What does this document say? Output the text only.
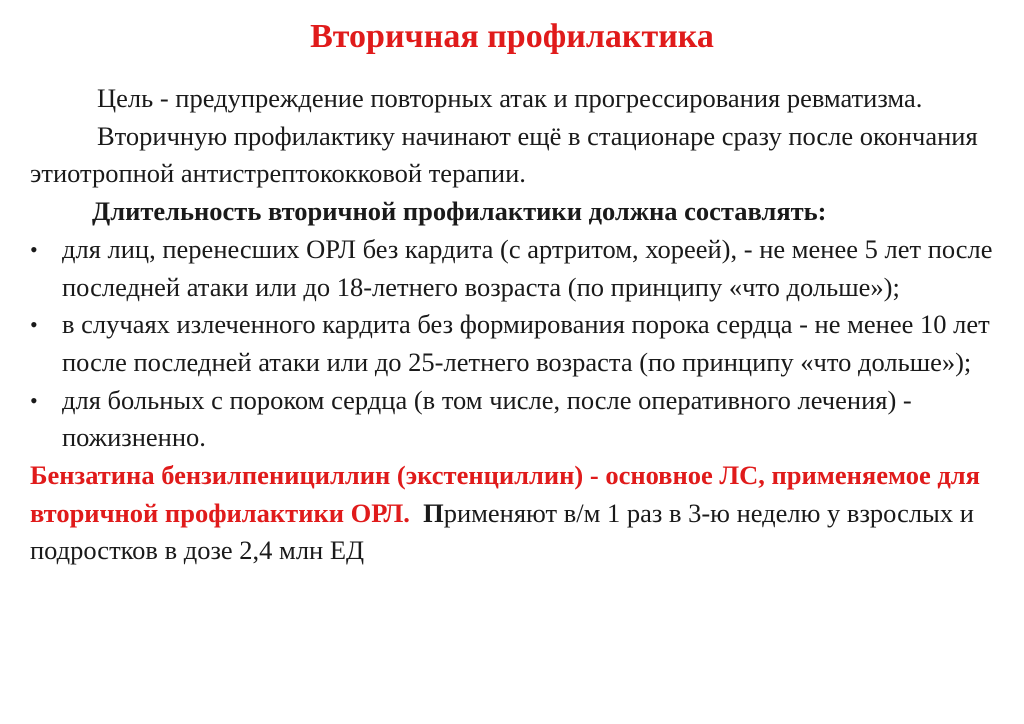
Вторичная профилактика

Цель - предупреждение повторных атак и прогрессирования ревматизма.

Вторичную профилактику начинают ещё в стационаре сразу после окончания этиотропной антистрептококковой терапии.

Длительность вторичной профилактики должна составлять:

• для лиц, перенесших ОРЛ без кардита (с артритом, хореей), - не менее 5 лет после последней атаки или до 18-летнего возраста (по принципу «что дольше»);
• в случаях излеченного кардита без формирования порока сердца - не менее 10 лет после последней атаки или до 25-летнего возраста (по принципу «что дольше»);
• для больных с пороком сердца (в том числе, после оперативного лечения) - пожизненно.

Бензатина бензилпенициллин (экстенциллин) - основное ЛС, применяемое для вторичной профилактики ОРЛ. Применяют в/м 1 раз в 3-ю неделю у взрослых и подростков в дозе 2,4 млн ЕД
